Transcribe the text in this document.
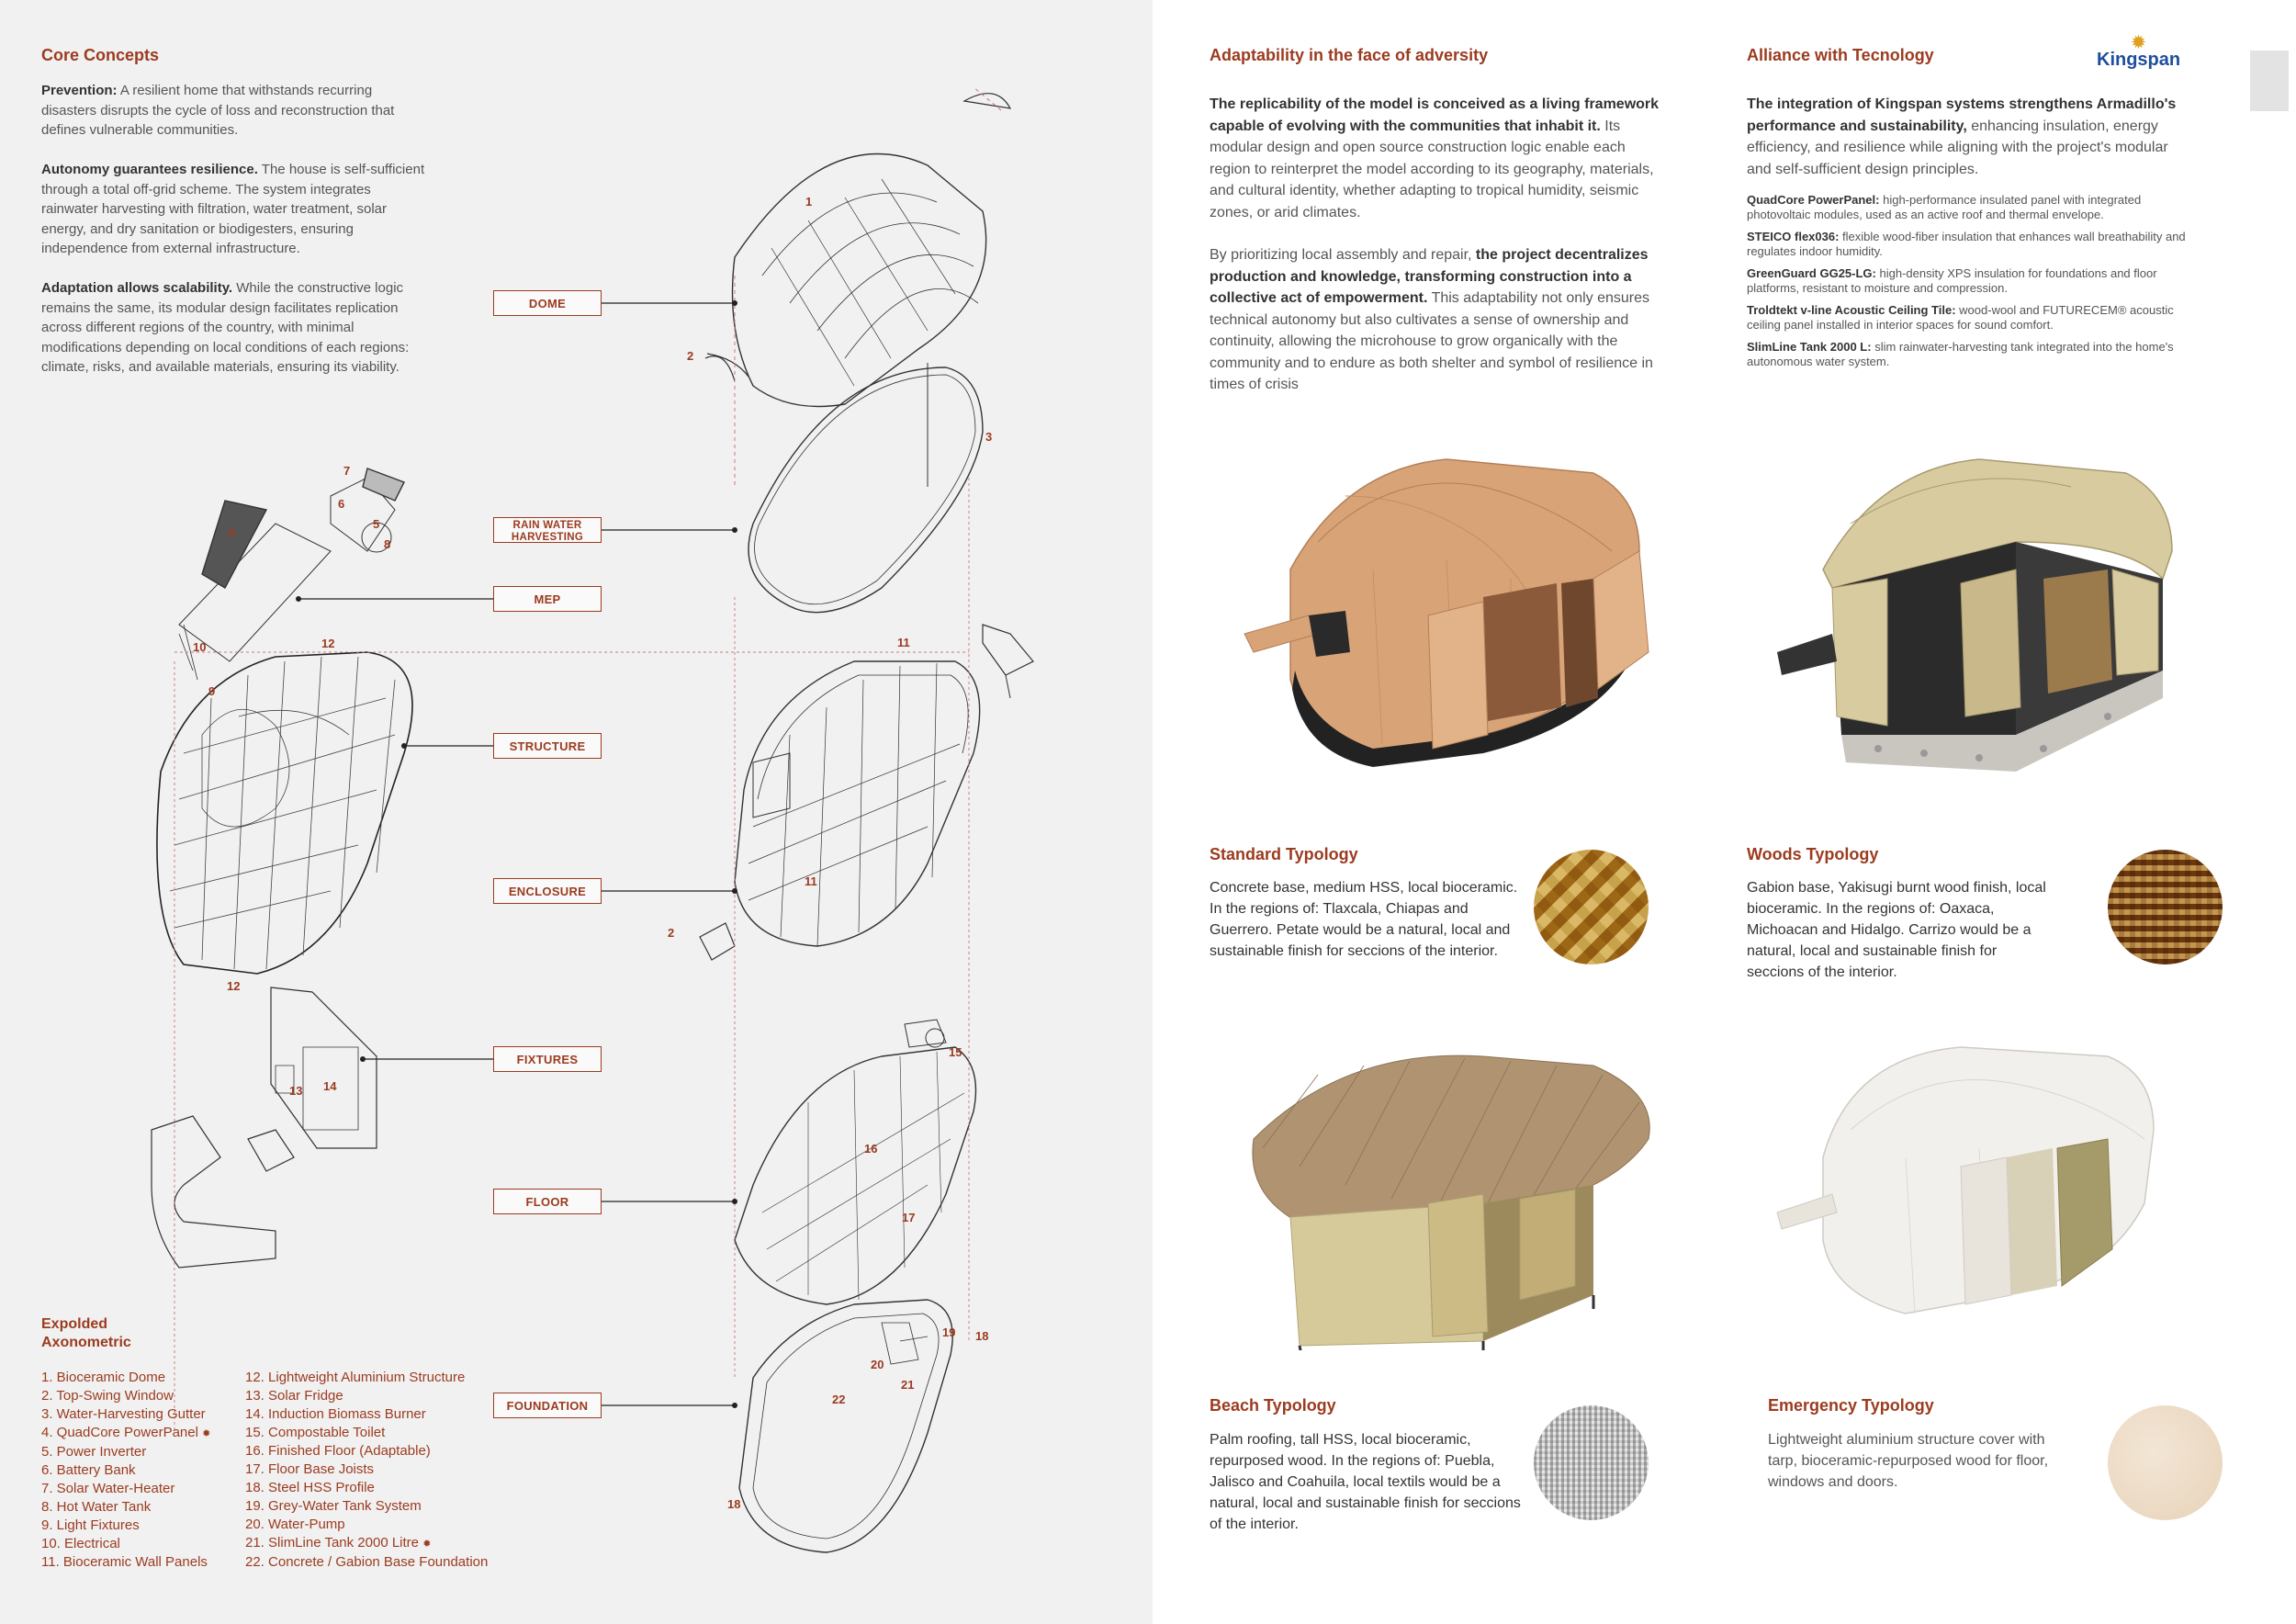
Core Concepts

Prevention: A resilient home that withstands recurring disasters disrupts the cycle of loss and reconstruction that defines vulnerable communities.

Autonomy guarantees resilience. The house is self-sufficient through a total off-grid scheme. The system integrates rainwater harvesting with filtration, water treatment, solar energy, and dry sanitation or biodigesters, ensuring independence from external infrastructure.

Adaptation allows scalability. While the constructive logic remains the same, its modular design facilitates replication across different regions of the country, with minimal modifications depending on local conditions of each regions: climate, risks, and available materials, ensuring its viability.

DOME
RAIN WATER
HARVESTING
MEP
STRUCTURE
ENCLOSURE
FIXTURES
FLOOR
FOUNDATION
1
2
3
4
5
6
7
8
9
10	11
11
12
12
2
13 14
15
16
17
18
18
19
20
21
22
Expolded
Axonometric
1. Bioceramic Dome
2. Top-Swing Window
3. Water-Harvesting Gutter
4. QuadCore PowerPanel ✹
5. Power Inverter
6. Battery Bank
7. Solar Water-Heater
8. Hot Water Tank
9. Light Fixtures
10. Electrical
11. Bioceramic Wall Panels
12. Lightweight Aluminium Structure
13. Solar Fridge
14. Induction Biomass Burner
15. Compostable Toilet
16. Finished Floor (Adaptable)
17. Floor Base Joists
18. Steel HSS Profile
19. Grey-Water Tank System
20. Water-Pump
21. SlimLine Tank 2000 Litre ✹
22. Concrete / Gabion Base Foundation
Adaptability in the face of adversity

The replicability of the model is conceived as a living framework capable of evolving with the communities that inhabit it. Its modular design and open source construction logic enable each region to reinterpret the model according to its geography, materials, and cultural identity, whether adapting to tropical humidity, seismic zones, or arid climates.

By prioritizing local assembly and repair, the project decentralizes production and knowledge, transforming construction into a collective act of empowerment. This adaptability not only ensures technical autonomy but also cultivates a sense of ownership and continuity, allowing the microhouse to grow organically with the community and to endure as both shelter and symbol of resilience in times of crisis

Alliance with Tecnology
✹
Kingspan

The integration of Kingspan systems strengthens Armadillo's performance and sustainability, enhancing insulation, energy efficiency, and resilience while aligning with the project's modular and self-sufficient design principles.

QuadCore PowerPanel: high-performance insulated panel with integrated photovoltaic modules, used as an active roof and thermal envelope.
STEICO flex036: flexible wood-fiber insulation that enhances wall breathability and regulates indoor humidity.
GreenGuard GG25-LG: high-density XPS insulation for foundations and floor platforms, resistant to moisture and compression.
Troldtekt v-line Acoustic Ceiling Tile: wood-wool and FUTURECEM® acoustic ceiling panel installed in interior spaces for sound comfort.
SlimLine Tank 2000 L: slim rainwater-harvesting tank integrated into the home's autonomous water system.
Standard Typology

Concrete base, medium HSS, local bioceramic. In the regions of: Tlaxcala, Chiapas and Guerrero. Petate would be a natural, local and sustainable finish for seccions of the interior.

Woods Typology

Gabion base, Yakisugi burnt wood finish, local bioceramic. In the regions of: Oaxaca, Michoacan and Hidalgo. Carrizo would be a natural, local and sustainable finish for seccions of the interior.

Beach Typology

Palm roofing, tall HSS, local bioceramic, repurposed wood. In the regions of: Puebla, Jalisco and Coahuila, local textils would be a natural, local and sustainable finish for seccions of the interior.

Emergency Typology

Lightweight aluminium structure cover with tarp, bioceramic-repurposed wood for floor, windows and doors.
